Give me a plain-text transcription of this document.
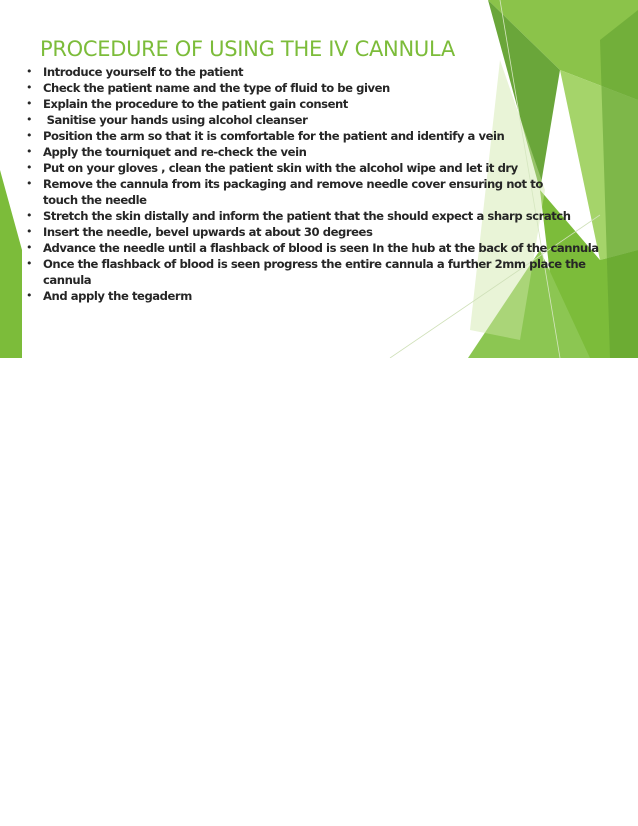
PROCEDURE OF USING THE IV CANNULA
• Introduce yourself to the patient
• Check the patient name and the type of fluid to be given
• Explain the procedure to the patient gain consent
• Sanitise your hands using alcohol cleanser
• Position the arm so that it is comfortable for the patient and identify a vein
• Apply the tourniquet and re-check the vein
• Put on your gloves , clean the patient skin with the alcohol wipe and let it dry
• Remove the cannula from its packaging and remove needle cover ensuring not to touch the needle
• Stretch the skin distally and inform the patient that the should expect a sharp scratch
• Insert the needle, bevel upwards at about 30 degrees
• Advance the needle until a flashback of blood is seen In the hub at the back of the cannula
• Once the flashback of blood is seen progress the entire cannula a further 2mm place the cannula
• And apply the tegaderm
